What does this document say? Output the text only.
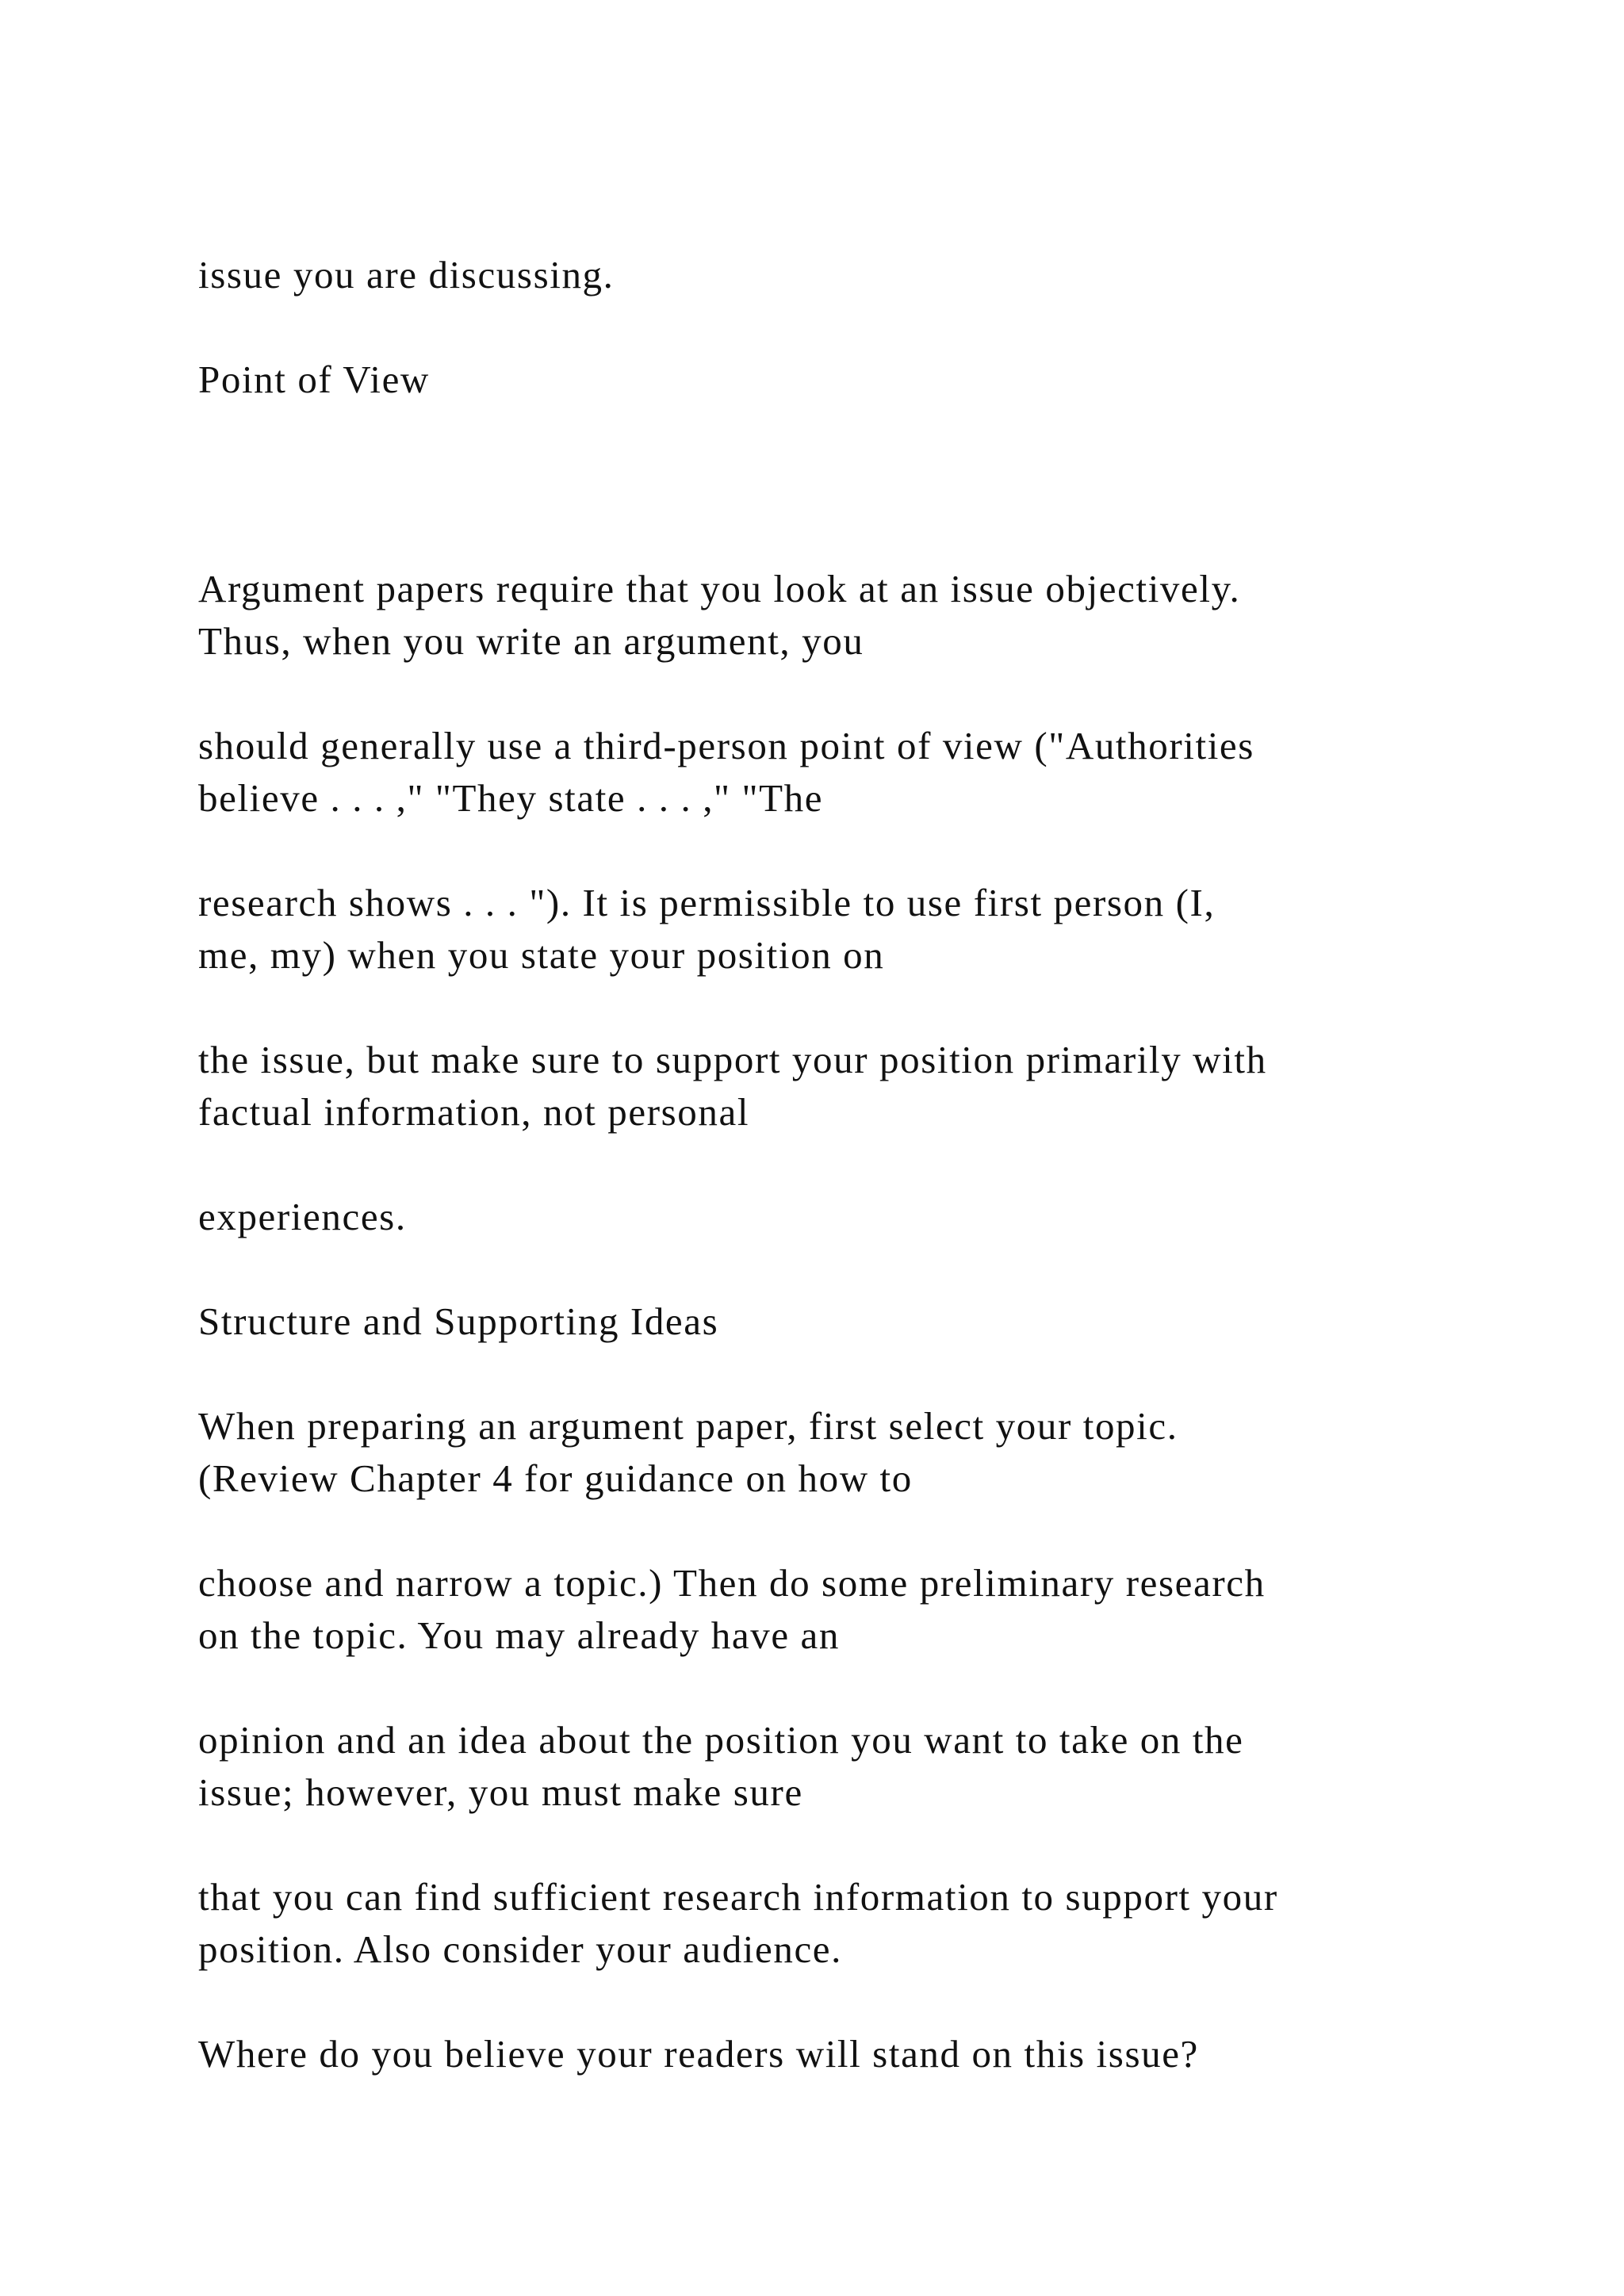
issue you are discussing.

Point of View

Argument papers require that you look at an issue objectively.

Thus, when you write an argument, you

should generally use a third-person point of view ("Authorities

believe . . . ," "They state . . . ," "The

research shows . . . "). It is permissible to use first person (I,

me, my) when you state your position on

the issue, but make sure to support your position primarily with

factual information, not personal

experiences.

Structure and Supporting Ideas

When preparing an argument paper, first select your topic.

(Review Chapter 4 for guidance on how to

choose and narrow a topic.) Then do some preliminary research

on the topic. You may already have an

opinion and an idea about the position you want to take on the

issue; however, you must make sure

that you can find sufficient research information to support your

position. Also consider your audience.

Where do you believe your readers will stand on this issue?
